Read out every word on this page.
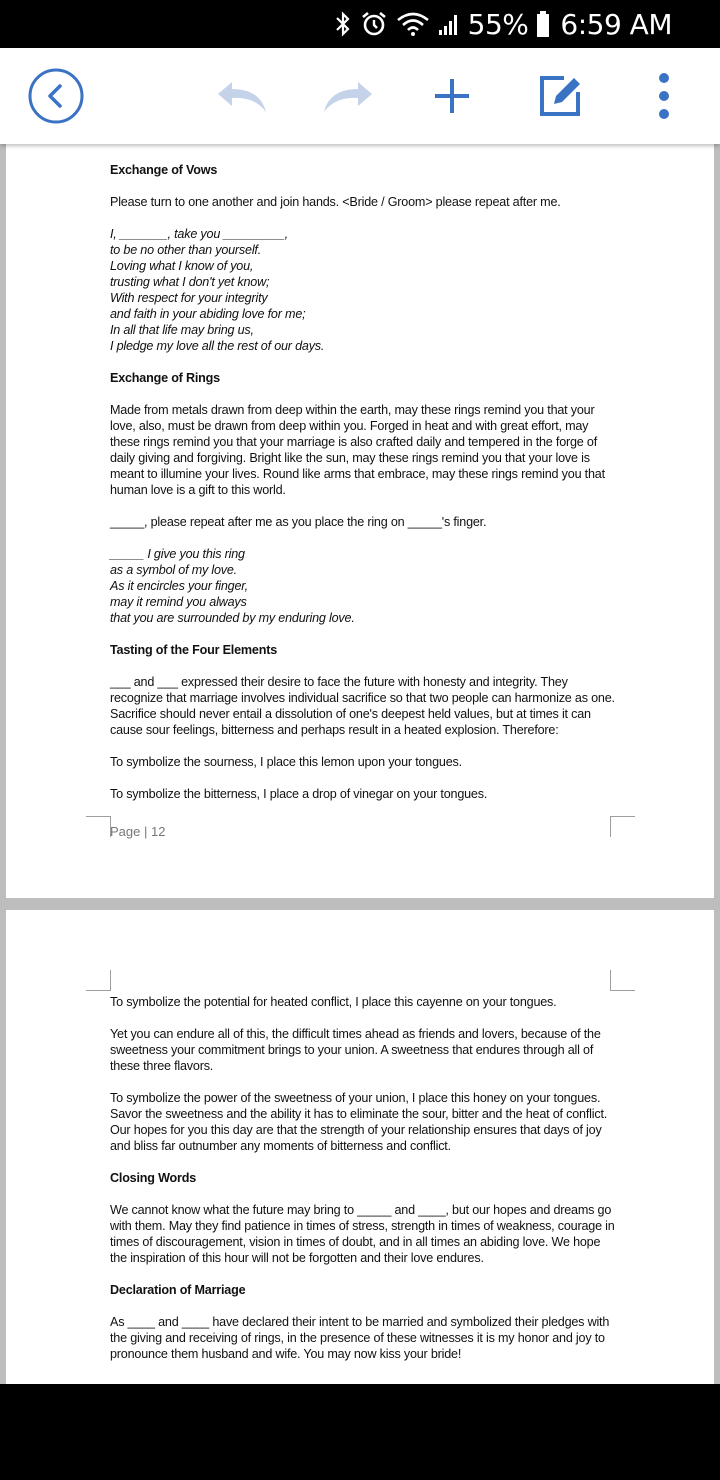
55% 6:59 AM

Exchange of Vows

Please turn to one another and join hands. <Bride / Groom> please repeat after me.

I, _______, take you _________,

to be no other than yourself.

Loving what I know of you,

trusting what I don't yet know;

With respect for your integrity

and faith in your abiding love for me;

In all that life may bring us,

I pledge my love all the rest of our days.

Exchange of Rings

Made from metals drawn from deep within the earth, may these rings remind you that your love, also, must be drawn from deep within you. Forged in heat and with great effort, may these rings remind you that your marriage is also crafted daily and tempered in the forge of daily giving and forgiving. Bright like the sun, may these rings remind you that your love is meant to illumine your lives. Round like arms that embrace, may these rings remind you that human love is a gift to this world.

_____, please repeat after me as you place the ring on _____'s finger.

_____ I give you this ring

as a symbol of my love.

As it encircles your finger,

may it remind you always

that you are surrounded by my enduring love.

Tasting of the Four Elements

___ and ___ expressed their desire to face the future with honesty and integrity. They recognize that marriage involves individual sacrifice so that two people can harmonize as one. Sacrifice should never entail a dissolution of one's deepest held values, but at times it can cause sour feelings, bitterness and perhaps result in a heated explosion. Therefore:

To symbolize the sourness, I place this lemon upon your tongues.

To symbolize the bitterness, I place a drop of vinegar on your tongues.

Page | 12

To symbolize the potential for heated conflict, I place this cayenne on your tongues.

Yet you can endure all of this, the difficult times ahead as friends and lovers, because of the sweetness your commitment brings to your union. A sweetness that endures through all of these three flavors.

To symbolize the power of the sweetness of your union, I place this honey on your tongues. Savor the sweetness and the ability it has to eliminate the sour, bitter and the heat of conflict. Our hopes for you this day are that the strength of your relationship ensures that days of joy and bliss far outnumber any moments of bitterness and conflict.

Closing Words

We cannot know what the future may bring to _____ and ____, but our hopes and dreams go with them. May they find patience in times of stress, strength in times of weakness, courage in times of discouragement, vision in times of doubt, and in all times an abiding love. We hope the inspiration of this hour will not be forgotten and their love endures.

Declaration of Marriage

As ____ and ____ have declared their intent to be married and symbolized their pledges with the giving and receiving of rings, in the presence of these witnesses it is my honor and joy to pronounce them husband and wife. You may now kiss your bride!
